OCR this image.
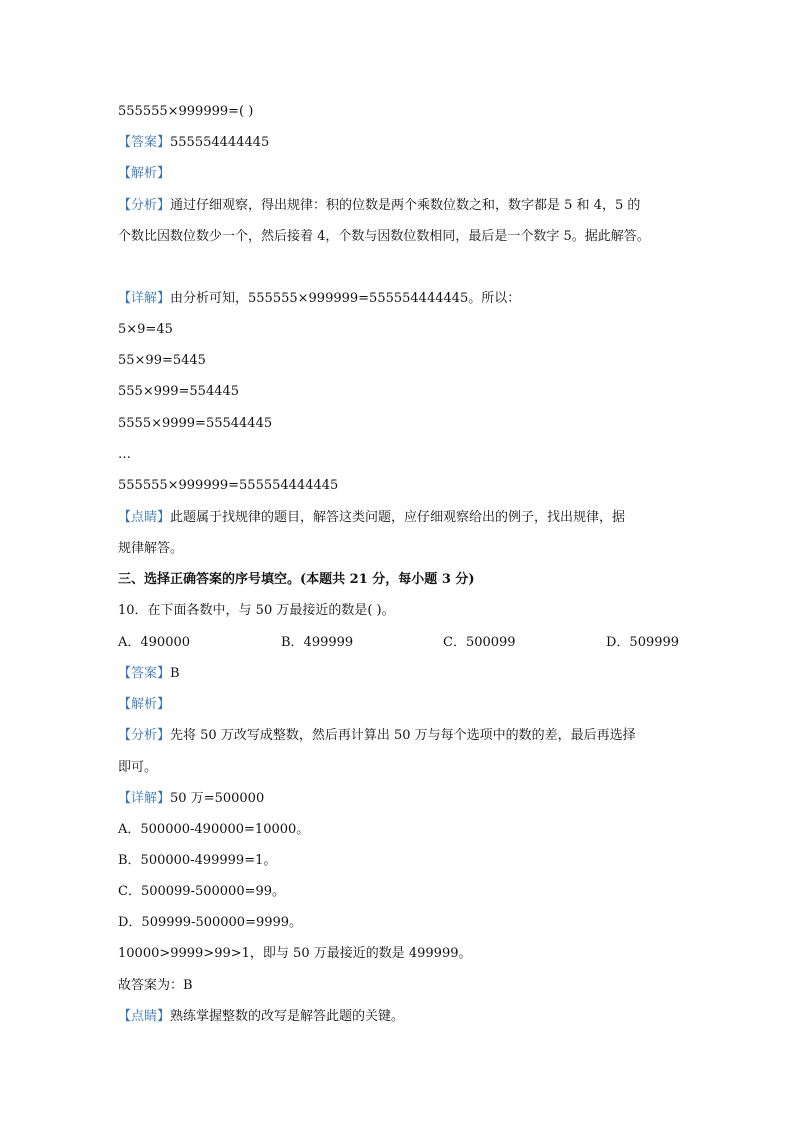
555555×999999=( )
【答案】555554444445
【解析】
【分析】通过仔细观察，得出规律：积的位数是两个乘数位数之和，数字都是 5 和 4，5 的
个数比因数位数少一个，然后接着 4，个数与因数位数相同，最后是一个数字 5。据此解答。
【详解】由分析可知，555555×999999=555554444445。所以：
5×9=45
55×99=5445
555×999=554445
5555×9999=55544445
…
555555×999999=555554444445
【点睛】此题属于找规律的题目，解答这类问题，应仔细观察给出的例子，找出规律，据
规律解答。
三、选择正确答案的序号填空。(本题共 21 分，每小题 3 分)
10．在下面各数中，与 50 万最接近的数是( )。
A．490000	B．499999	C．500099	D．509999
【答案】B
【解析】
【分析】先将 50 万改写成整数，然后再计算出 50 万与每个选项中的数的差，最后再选择
即可。
【详解】50 万=500000
A．500000-490000=10000。
B．500000-499999=1。
C．500099-500000=99。
D．509999-500000=9999。
10000>9999>99>1，即与 50 万最接近的数是 499999。
故答案为：B
【点睛】熟练掌握整数的改写是解答此题的关键。
